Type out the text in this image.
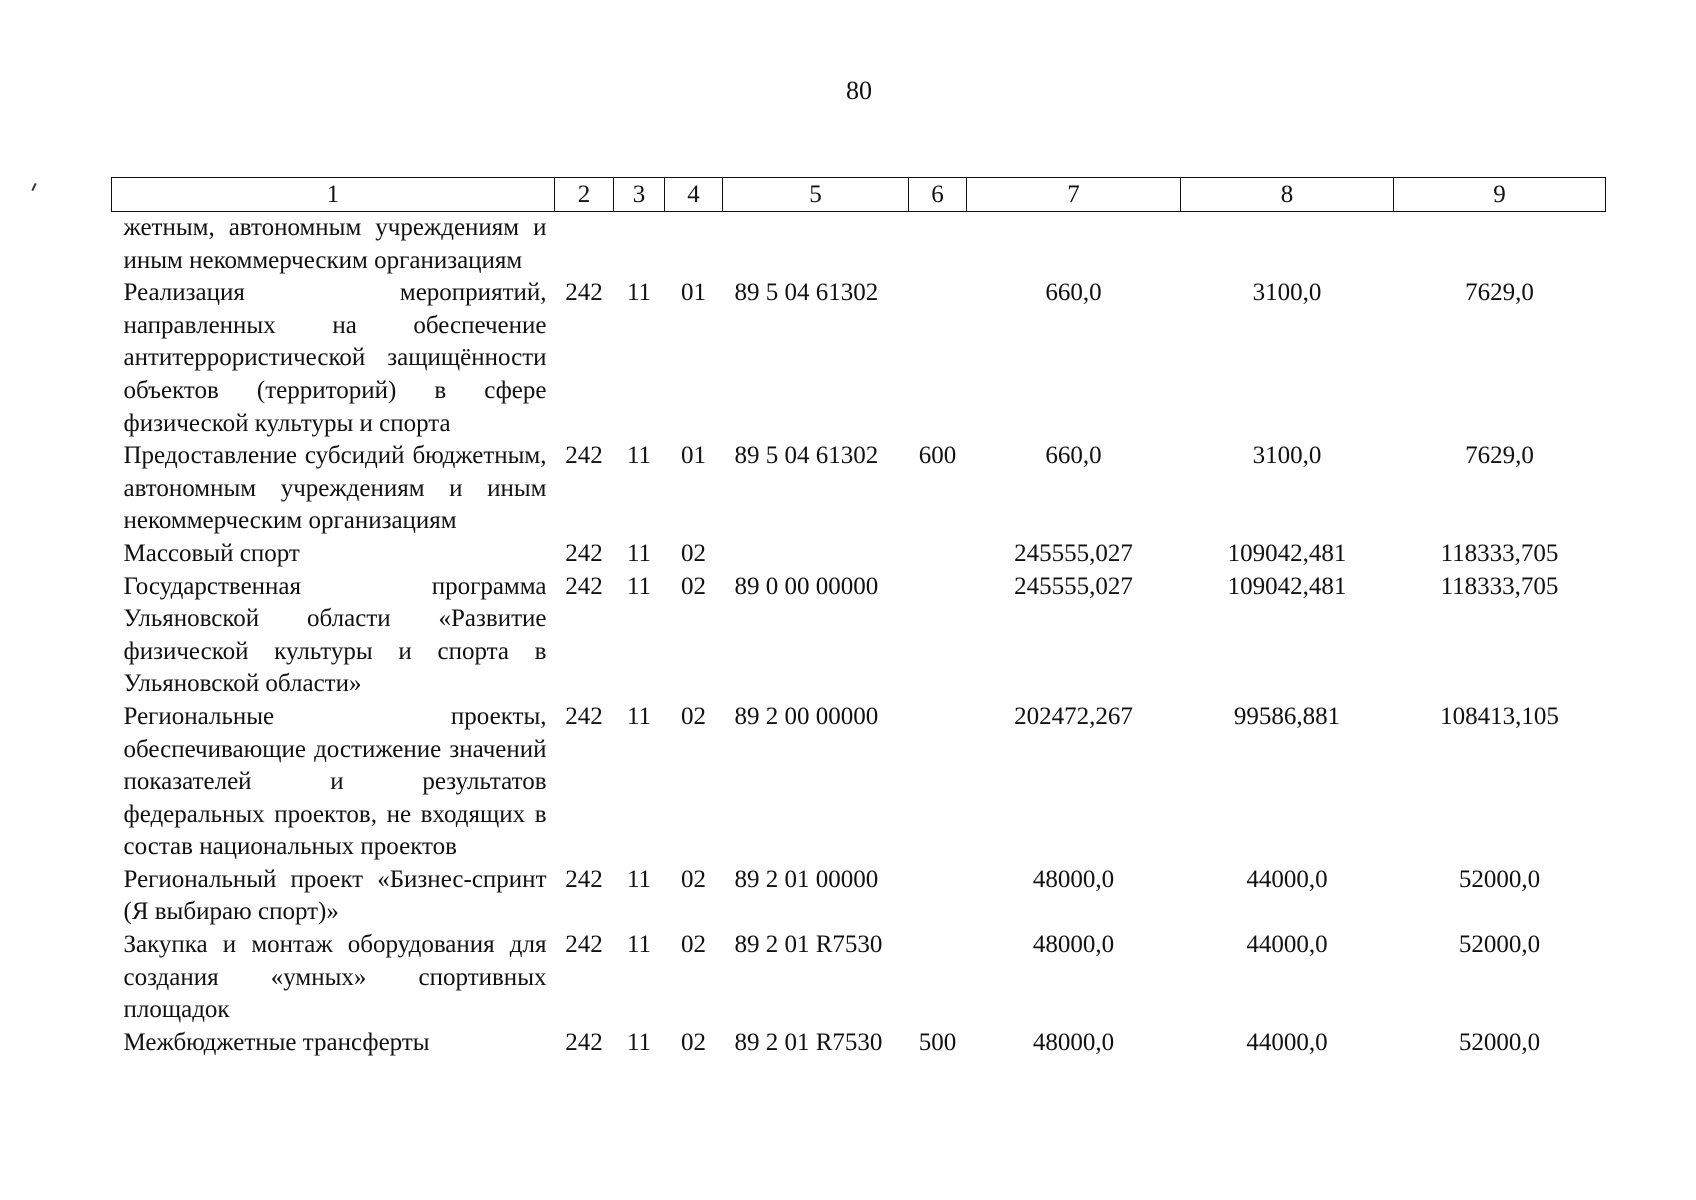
80
1	2	3	4	5	6	7	8	9
жетным, автономным учреждениям и иным некоммерческим организациям								
Реализация мероприятий, направленных на обеспечение антитеррористической защищённости объектов (территорий) в сфере физической культуры и спорта	242	11	01	89 5 04 61302		660,0	3100,0	7629,0
Предоставление субсидий бюджетным, автономным учреждениям и иным некоммерческим организациям	242	11	01	89 5 04 61302	600	660,0	3100,0	7629,0
Массовый спорт	242	11	02			245555,027	109042,481	118333,705
Государственная программа Ульяновской области «Развитие физической культуры и спорта в Ульяновской области»	242	11	02	89 0 00 00000		245555,027	109042,481	118333,705
Региональные проекты, обеспечивающие достижение значений показателей и результатов федеральных проектов, не входящих в состав национальных проектов	242	11	02	89 2 00 00000		202472,267	99586,881	108413,105
Региональный проект «Бизнес-спринт (Я выбираю спорт)»	242	11	02	89 2 01 00000		48000,0	44000,0	52000,0
Закупка и монтаж оборудования для создания «умных» спортивных площадок	242	11	02	89 2 01 R7530		48000,0	44000,0	52000,0
Межбюджетные трансферты	242	11	02	89 2 01 R7530	500	48000,0	44000,0	52000,0
